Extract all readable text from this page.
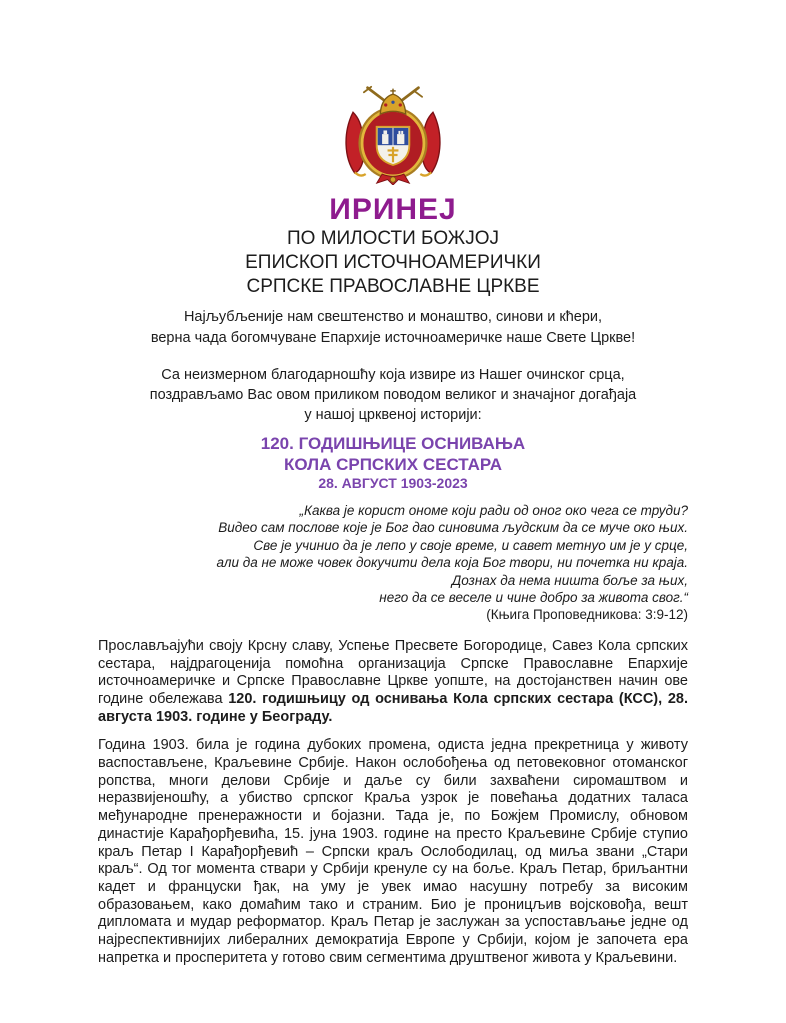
ИРИНЕЈ
ПО МИЛОСТИ БОЖЈОЈ
ЕПИСКОП ИСТОЧНОАМЕРИЧКИ
СРПСКЕ ПРАВОСЛАВНЕ ЦРКВЕ
Најљубљеније нам свештенство и монаштво, синови и кћери,
верна чада богомчуване Епархије источноамеричке наше Свете Цркве!
Са неизмерном благодарношћу која извире из Нашег очинског срца,
поздрављамо Вас овом приликом поводом великог и значајног догађаја
у нашој црквеној историји:
120. ГОДИШЊИЦЕ ОСНИВАЊА
КОЛА СРПСКИХ СЕСТАРА
28. АВГУСТ 1903-2023
„Каква је корист ономе који ради од оног око чега се труди?
Видео сам послове које је Бог дао синовима људским да се муче око њих.
Све је учинио да је лепо у своје време, и савет метнуо им је у срце,
али да не може човек докучити дела која Бог твори, ни почетка ни краја.
Дознах да нема ништа боље за њих,
него да се веселе и чине добро за живота свог.“
(Књига Проповедникова: 3:9-12)

Прослављајући своју Крсну славу, Успење Пресвете Богородице, Савез Кола српских сестара, најдрагоценија помоћна организација Српске Православне Епархије источноамеричке и Српске Православне Цркве уопште, на достојанствен начин ове године обележава 120. годишњицу од оснивања Кола српских сестара (КСС), 28. августа 1903. године у Београду.

Година 1903. била је година дубоких промена, одиста једна прекретница у животу васпостављене, Краљевине Србије. Након ослобођења од петовековног отоманског ропства, многи делови Србије и даље су били захваћени сиромаштвом и неразвијеношћу, а убиство српског Краља узрок је повећања додатних таласа међународне пренеражности и бојазни. Тада је, по Божјем Промислу, обновом династије Карађорђевића, 15. јуна 1903. године на престо Краљевине Србије ступио краљ Петар I Карађорђевић – Српски краљ Ослободилац, од миља звани „Стари краљ“. Од тог момента ствари у Србији кренуле су на боље. Краљ Петар, бриљантни кадет и француски ђак, на уму је увек имао насушну потребу за високим образовањем, како домаћим тако и страним. Био је проницљив војсковођа, вешт дипломата и мудар реформатор. Краљ Петар је заслужан за успостављање једне од најреспективнијих либералних демократија Европе у Србији, којом је започета ера напретка и просперитета у готово свим сегментима друштвеног живота у Краљевини.
